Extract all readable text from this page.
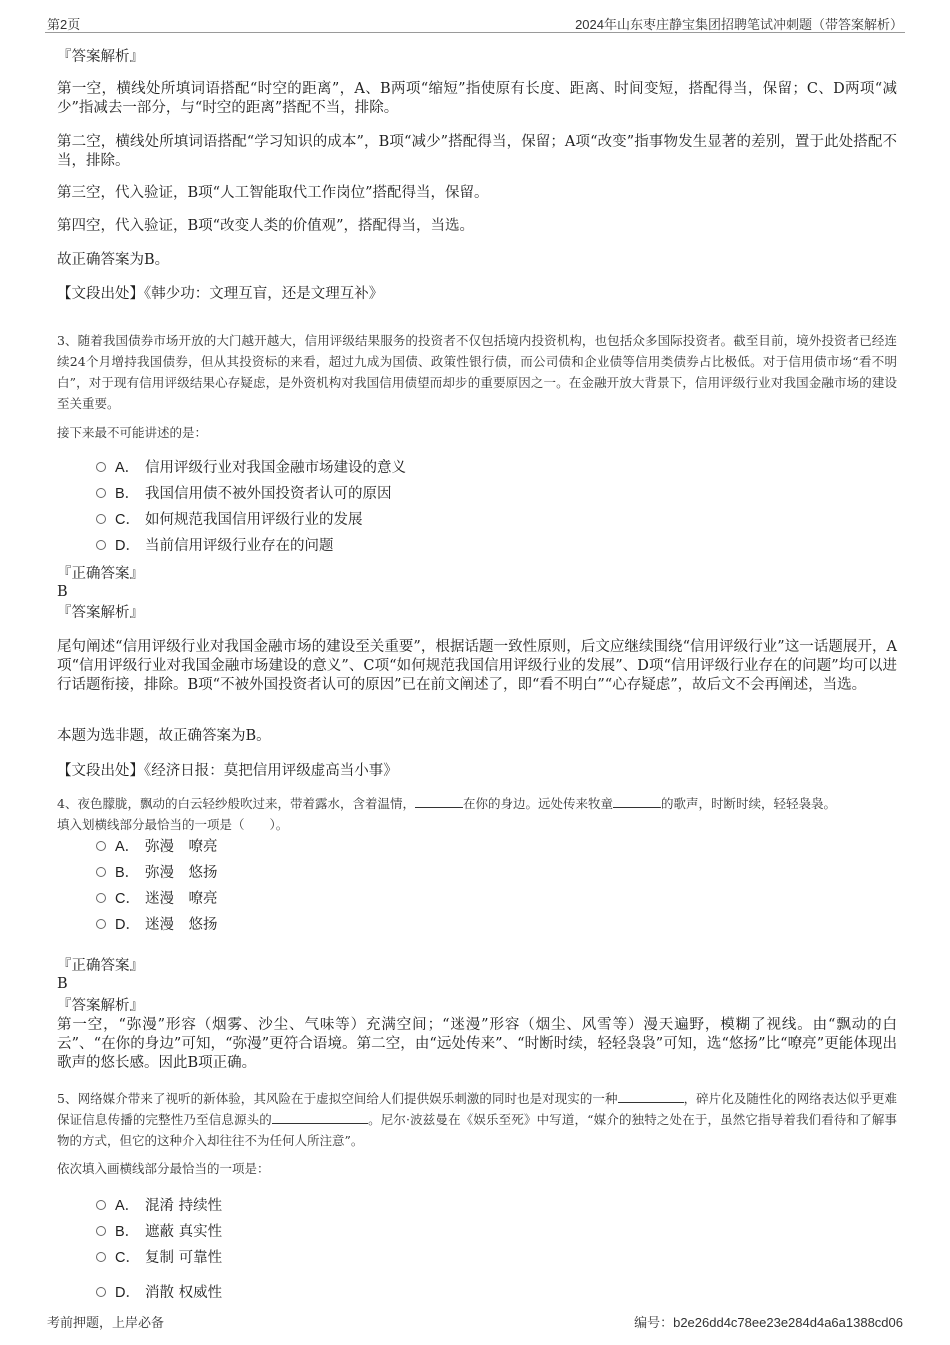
第2页	2024年山东枣庄静宝集团招聘笔试冲刺题（带答案解析）

『答案解析』

第一空，横线处所填词语搭配“时空的距离”，A、B两项“缩短”指使原有长度、距离、时间变短，搭配得当，保留；C、D两项“减少”指减去一部分，与“时空的距离”搭配不当，排除。

第二空，横线处所填词语搭配“学习知识的成本”，B项“减少”搭配得当，保留；A项“改变”指事物发生显著的差别，置于此处搭配不当，排除。

第三空，代入验证，B项“人工智能取代工作岗位”搭配得当，保留。

第四空，代入验证，B项“改变人类的价值观”，搭配得当，当选。

故正确答案为B。

【文段出处】《韩少功：文理互盲，还是文理互补》

3、随着我国债券市场开放的大门越开越大，信用评级结果服务的投资者不仅包括境内投资机构，也包括众多国际投资者。截至目前，境外投资者已经连续24个月增持我国债券，但从其投资标的来看，超过九成为国债、政策性银行债，而公司债和企业债等信用类债券占比极低。对于信用债市场“看不明白”，对于现有信用评级结果心存疑虑，是外资机构对我国信用债望而却步的重要原因之一。在金融开放大背景下，信用评级行业对我国金融市场的建设至关重要。

接下来最不可能讲述的是：

A． 信用评级行业对我国金融市场建设的意义
B． 我国信用债不被外国投资者认可的原因
C． 如何规范我国信用评级行业的发展
D． 当前信用评级行业存在的问题

『正确答案』

B

『答案解析』

尾句阐述“信用评级行业对我国金融市场的建设至关重要”，根据话题一致性原则，后文应继续围绕“信用评级行业”这一话题展开，A项“信用评级行业对我国金融市场建设的意义”、C项“如何规范我国信用评级行业的发展”、D项“信用评级行业存在的问题”均可以进行话题衔接，排除。B项“不被外国投资者认可的原因”已在前文阐述了，即“看不明白”“心存疑虑”，故后文不会再阐述，当选。

本题为选非题，故正确答案为B。

【文段出处】《经济日报：莫把信用评级虚高当小事》

4、夜色朦胧，飘动的白云轻纱般吹过来，带着露水，含着温情，	在你的身边。远处传来牧童	的歌声，时断时续，轻轻袅袅。

填入划横线部分最恰当的一项是（　　）。

A． 弥漫　嘹亮
B． 弥漫　悠扬
C． 迷漫　嘹亮
D． 迷漫　悠扬

『正确答案』

B

『答案解析』

第一空，“弥漫”形容（烟雾、沙尘、气味等）充满空间；“迷漫”形容（烟尘、风雪等）漫天遍野，模糊了视线。由“飘动的白云”、“在你的身边”可知，“弥漫”更符合语境。第二空，由“远处传来”、“时断时续，轻轻袅袅”可知，选“悠扬”比“嘹亮”更能体现出歌声的悠长感。因此B项正确。

5、网络媒介带来了视听的新体验，其风险在于虚拟空间给人们提供娱乐刺激的同时也是对现实的一种	，碎片化及随性化的网络表达似乎更难保证信息传播的完整性乃至信息源头的	。尼尔·波兹曼在《娱乐至死》中写道，“媒介的独特之处在于，虽然它指导着我们看待和了解事物的方式，但它的这种介入却往往不为任何人所注意”。

依次填入画横线部分最恰当的一项是：

A． 混淆 持续性
B． 遮蔽 真实性
C． 复制 可靠性
D． 消散 权威性
考前押题，上岸必备	编号：b2e26dd4c78ee23e284d4a6a1388cd06
